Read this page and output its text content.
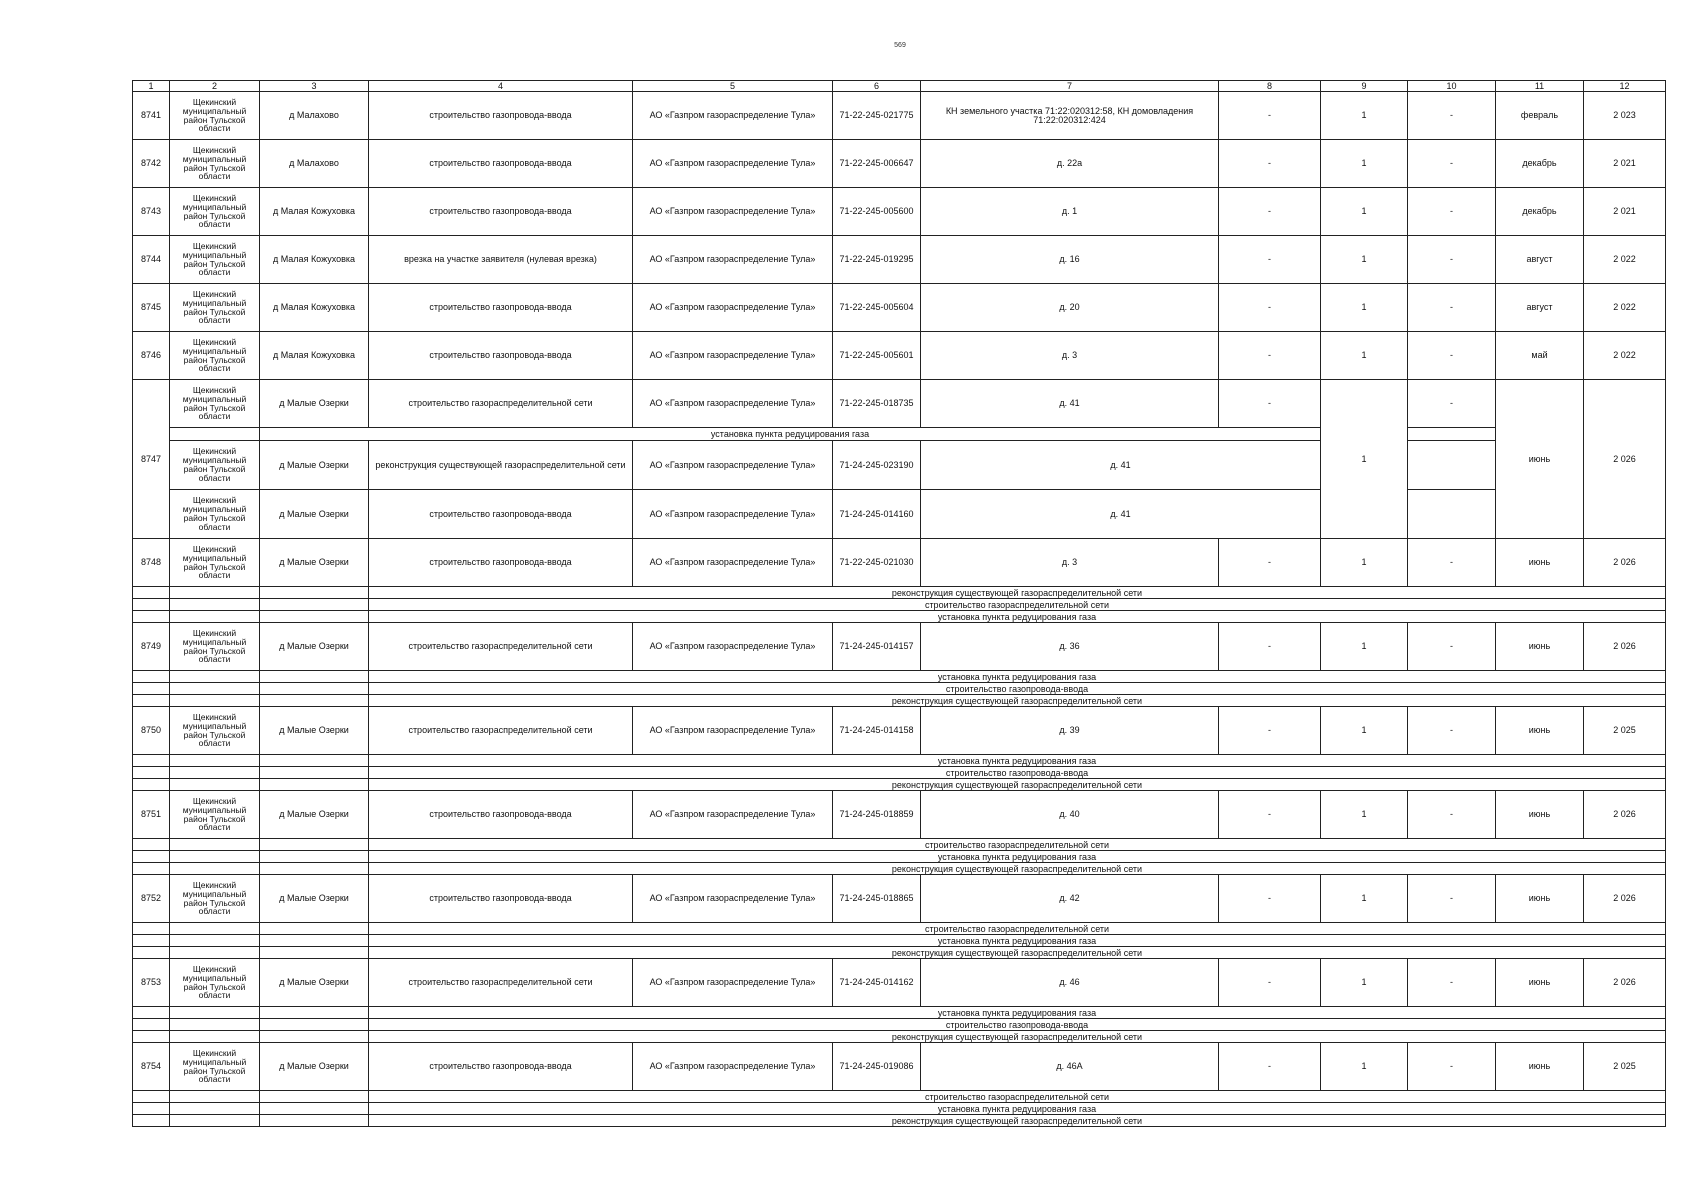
569
1	2	3	4	5	6	7	8	9	10	11	12
8741	Щекинский муниципальный район Тульской области	д Малахово	строительство газопровода-ввода	АО «Газпром газораспределение Тула»	71-22-245-021775	КН земельного участка 71:22:020312:58, КН домовладения 71:22:020312:424	-	1	-	февраль	2 023
8742	Щекинский муниципальный район Тульской области	д Малахово	строительство газопровода-ввода	АО «Газпром газораспределение Тула»	71-22-245-006647	д. 22а	-	1	-	декабрь	2 021
8743	Щекинский муниципальный район Тульской области	д Малая Кожуховка	строительство газопровода-ввода	АО «Газпром газораспределение Тула»	71-22-245-005600	д. 1	-	1	-	декабрь	2 021
8744	Щекинский муниципальный район Тульской области	д Малая Кожуховка	врезка на участке заявителя (нулевая врезка)	АО «Газпром газораспределение Тула»	71-22-245-019295	д. 16	-	1	-	август	2 022
8745	Щекинский муниципальный район Тульской области	д Малая Кожуховка	строительство газопровода-ввода	АО «Газпром газораспределение Тула»	71-22-245-005604	д. 20	-	1	-	август	2 022
8746	Щекинский муниципальный район Тульской области	д Малая Кожуховка	строительство газопровода-ввода	АО «Газпром газораспределение Тула»	71-22-245-005601	д. 3	-	1	-	май	2 022
8747	Щекинский муниципальный район Тульской области	д Малые Озерки	строительство газораспределительной сети	АО «Газпром газораспределение Тула»	71-22-245-018735	д. 41	-	1	-	июнь	2 026
		установка пункта редуцирования газа									
	Щекинский муниципальный район Тульской области	д Малые Озерки	реконструкция существующей газораспределительной сети	АО «Газпром газораспределение Тула»	71-24-245-023190	д. 41					
	Щекинский муниципальный район Тульской области	д Малые Озерки	строительство газопровода-ввода	АО «Газпром газораспределение Тула»	71-24-245-014160	д. 41					
8748	Щекинский муниципальный район Тульской области	д Малые Озерки	строительство газопровода-ввода	АО «Газпром газораспределение Тула»	71-22-245-021030	д. 3	-	1	-	июнь	2 026
			реконструкция существующей газораспределительной сети								
			строительство газораспределительной сети								
			установка пункта редуцирования газа								
8749	Щекинский муниципальный район Тульской области	д Малые Озерки	строительство газораспределительной сети	АО «Газпром газораспределение Тула»	71-24-245-014157	д. 36	-	1	-	июнь	2 026
			установка пункта редуцирования газа								
			строительство газопровода-ввода								
			реконструкция существующей газораспределительной сети								
8750	Щекинский муниципальный район Тульской области	д Малые Озерки	строительство газораспределительной сети	АО «Газпром газораспределение Тула»	71-24-245-014158	д. 39	-	1	-	июнь	2 025
			установка пункта редуцирования газа								
			строительство газопровода-ввода								
			реконструкция существующей газораспределительной сети								
8751	Щекинский муниципальный район Тульской области	д Малые Озерки	строительство газопровода-ввода	АО «Газпром газораспределение Тула»	71-24-245-018859	д. 40	-	1	-	июнь	2 026
			строительство газораспределительной сети								
			установка пункта редуцирования газа								
			реконструкция существующей газораспределительной сети								
8752	Щекинский муниципальный район Тульской области	д Малые Озерки	строительство газопровода-ввода	АО «Газпром газораспределение Тула»	71-24-245-018865	д. 42	-	1	-	июнь	2 026
			строительство газораспределительной сети								
			установка пункта редуцирования газа								
			реконструкция существующей газораспределительной сети								
8753	Щекинский муниципальный район Тульской области	д Малые Озерки	строительство газораспределительной сети	АО «Газпром газораспределение Тула»	71-24-245-014162	д. 46	-	1	-	июнь	2 026
			установка пункта редуцирования газа								
			строительство газопровода-ввода								
			реконструкция существующей газораспределительной сети								
8754	Щекинский муниципальный район Тульской области	д Малые Озерки	строительство газопровода-ввода	АО «Газпром газораспределение Тула»	71-24-245-019086	д. 46А	-	1	-	июнь	2 025
			строительство газораспределительной сети								
			установка пункта редуцирования газа								
			реконструкция существующей газораспределительной сети								
